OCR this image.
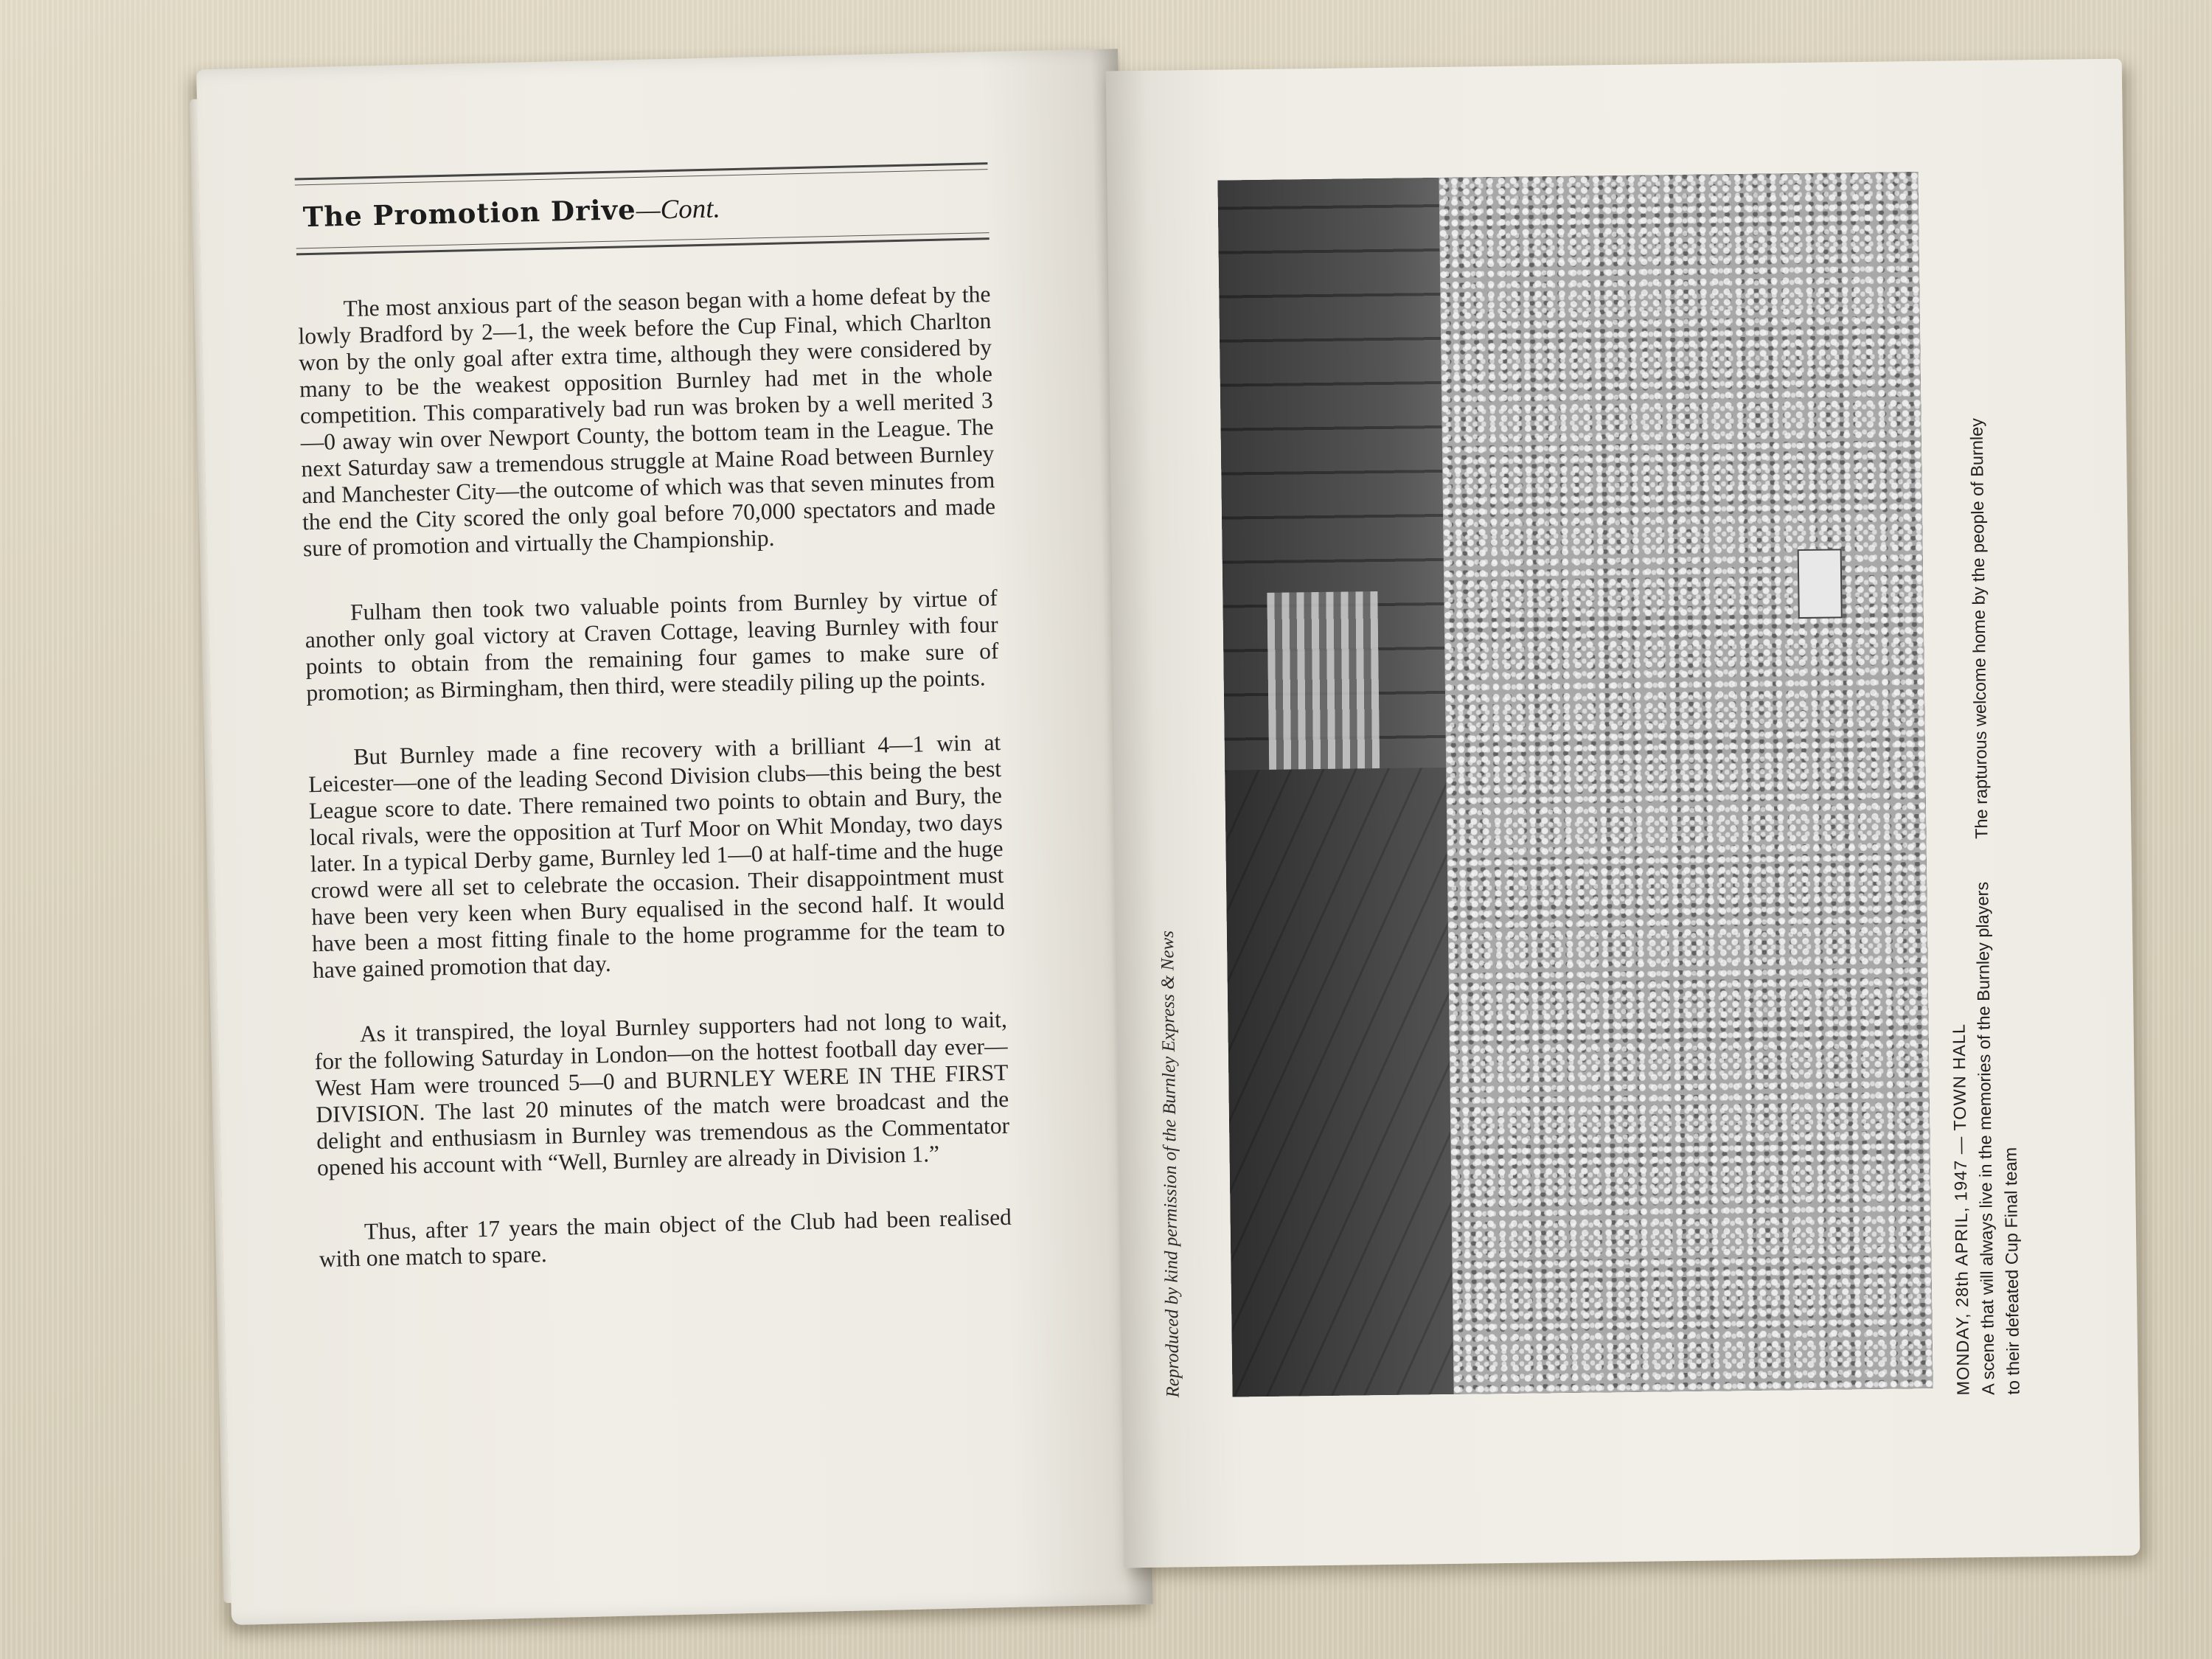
The Promotion Drive—Cont.

The most anxious part of the season began with a home defeat by the lowly Bradford by 2—1, the week before the Cup Final, which Charlton won by the only goal after extra time, although they were considered by many to be the weakest opposition Burnley had met in the whole competition. This comparatively bad run was broken by a well merited 3—0 away win over Newport County, the bottom team in the League. The next Saturday saw a tremendous struggle at Maine Road between Burnley and Manchester City—the outcome of which was that seven minutes from the end the City scored the only goal before 70,000 spectators and made sure of promotion and virtually the Championship.

Fulham then took two valuable points from Burnley by virtue of another only goal victory at Craven Cottage, leaving Burnley with four points to obtain from the remaining four games to make sure of promotion; as Birmingham, then third, were steadily piling up the points.

But Burnley made a fine recovery with a brilliant 4—1 win at Leicester—one of the leading Second Division clubs—this being the best League score to date. There remained two points to obtain and Bury, the local rivals, were the opposition at Turf Moor on Whit Monday, two days later. In a typical Derby game, Burnley led 1—0 at half-time and the huge crowd were all set to celebrate the occasion. Their disappointment must have been very keen when Bury equalised in the second half. It would have been a most fitting finale to the home programme for the team to have gained promotion that day.

As it transpired, the loyal Burnley supporters had not long to wait, for the following Saturday in London—on the hottest football day ever—West Ham were trounced 5—0 and BURNLEY WERE IN THE FIRST DIVISION. The last 20 minutes of the match were broadcast and the delight and enthusiasm in Burnley was tremendous as the Commentator opened his account with “Well, Burnley are already in Division 1.”

Thus, after 17 years the main object of the Club had been realised with one match to spare.	Reproduced by kind permission of the Burnley Express & News	MONDAY, 28th APRIL, 1947 — TOWN HALL A scene that will always live in the memories of the Burnley playersThe rapturous welcome home by the people of Burnley
to their defeated Cup Final team
